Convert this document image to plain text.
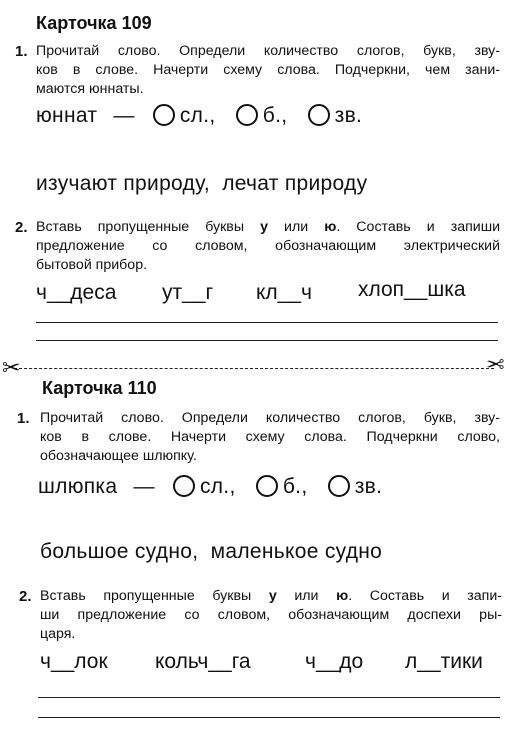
Карточка 109
1. Прочитай слово. Определи количество слогов, букв, зву-
ков в слове. Начерти схему слова. Подчеркни, чем зани-
маются юннаты.
юннат — сл., б., зв.
изучают природу,  лечат природу
2. Вставь пропущенные буквы у или ю. Составь и запиши
предложение со словом, обозначающим электрический
бытовой прибор.
ч__деса ут__г кл__ч хлоп__шка
✂	✂
Карточка 110
1. Прочитай слово. Определи количество слогов, букв, зву-
ков в слове. Начерти схему слова. Подчеркни слово,
обозначающее шлюпку.
шлюпка — сл., б., зв.
большое судно,  маленькое судно
2. Вставь пропущенные буквы у или ю. Составь и запи-
ши предложение со словом, обозначающим доспехи ры-
царя.
ч__лок кольч__га	ч__до л__тики
